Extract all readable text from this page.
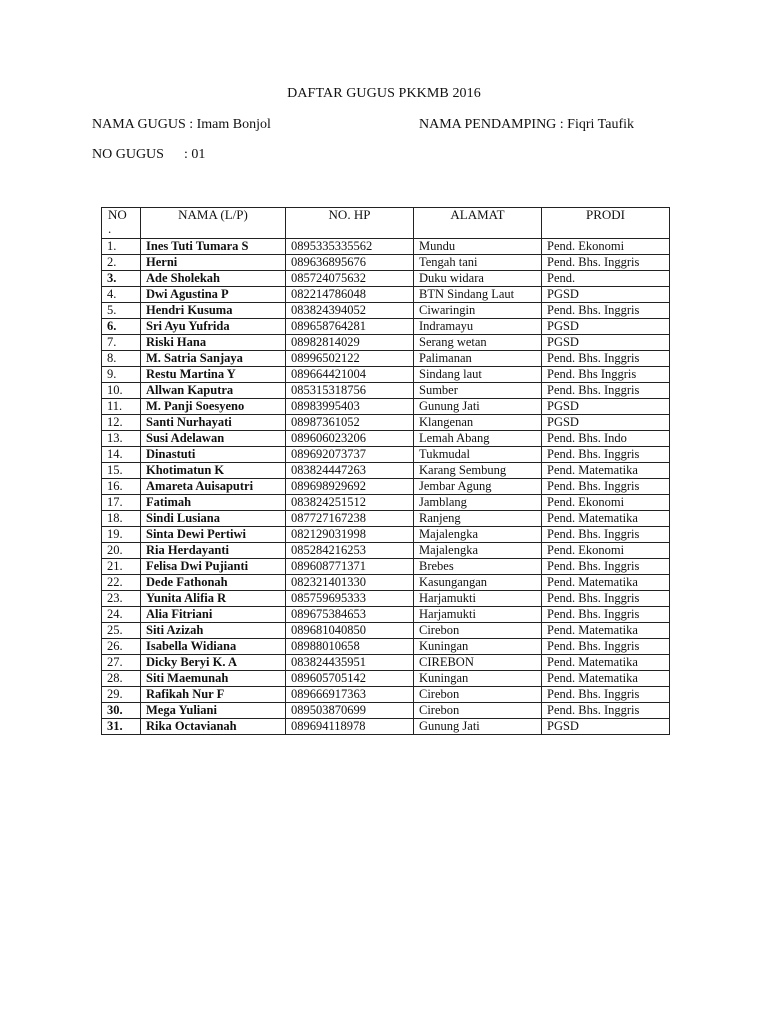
DAFTAR GUGUS PKKMB 2016
NAMA GUGUS : Imam Bonjol	NAMA PENDAMPING : Fiqri Taufik
NO GUGUS : 01
NO
.	NAMA (L/P)	NO. HP	ALAMAT	PRODI
1.	Ines Tuti Tumara S	0895335335562	Mundu	Pend. Ekonomi
2.	Herni	089636895676	Tengah tani	Pend. Bhs. Inggris
3.	Ade Sholekah	085724075632	Duku widara	Pend.
4.	Dwi Agustina P	082214786048	BTN Sindang Laut	PGSD
5.	Hendri Kusuma	083824394052	Ciwaringin	Pend. Bhs. Inggris
6.	Sri Ayu Yufrida	089658764281	Indramayu	PGSD
7.	Riski Hana	08982814029	Serang wetan	PGSD
8.	M. Satria Sanjaya	08996502122	Palimanan	Pend. Bhs. Inggris
9.	Restu Martina Y	089664421004	Sindang laut	Pend. Bhs Inggris
10.	Allwan Kaputra	085315318756	Sumber	Pend. Bhs. Inggris
11.	M. Panji Soesyeno	08983995403	Gunung Jati	PGSD
12.	Santi Nurhayati	08987361052	Klangenan	PGSD
13.	Susi Adelawan	089606023206	Lemah Abang	Pend. Bhs. Indo
14.	Dinastuti	089692073737	Tukmudal	Pend. Bhs. Inggris
15.	Khotimatun K	083824447263	Karang Sembung	Pend. Matematika
16.	Amareta Auisaputri	089698929692	Jembar Agung	Pend. Bhs. Inggris
17.	Fatimah	083824251512	Jamblang	Pend. Ekonomi
18.	Sindi Lusiana	087727167238	Ranjeng	Pend. Matematika
19.	Sinta Dewi Pertiwi	082129031998	Majalengka	Pend. Bhs. Inggris
20.	Ria Herdayanti	085284216253	Majalengka	Pend. Ekonomi
21.	Felisa Dwi Pujianti	089608771371	Brebes	Pend. Bhs. Inggris
22.	Dede Fathonah	082321401330	Kasungangan	Pend. Matematika
23.	Yunita Alifia R	085759695333	Harjamukti	Pend. Bhs. Inggris
24.	Alia Fitriani	089675384653	Harjamukti	Pend. Bhs. Inggris
25.	Siti Azizah	089681040850	Cirebon	Pend. Matematika
26.	Isabella Widiana	08988010658	Kuningan	Pend. Bhs. Inggris
27.	Dicky Beryi K. A	083824435951	CIREBON	Pend. Matematika
28.	Siti Maemunah	089605705142	Kuningan	Pend. Matematika
29.	Rafikah Nur F	089666917363	Cirebon	Pend. Bhs. Inggris
30.	Mega Yuliani	089503870699	Cirebon	Pend. Bhs. Inggris
31.	Rika Octavianah	089694118978	Gunung Jati	PGSD
